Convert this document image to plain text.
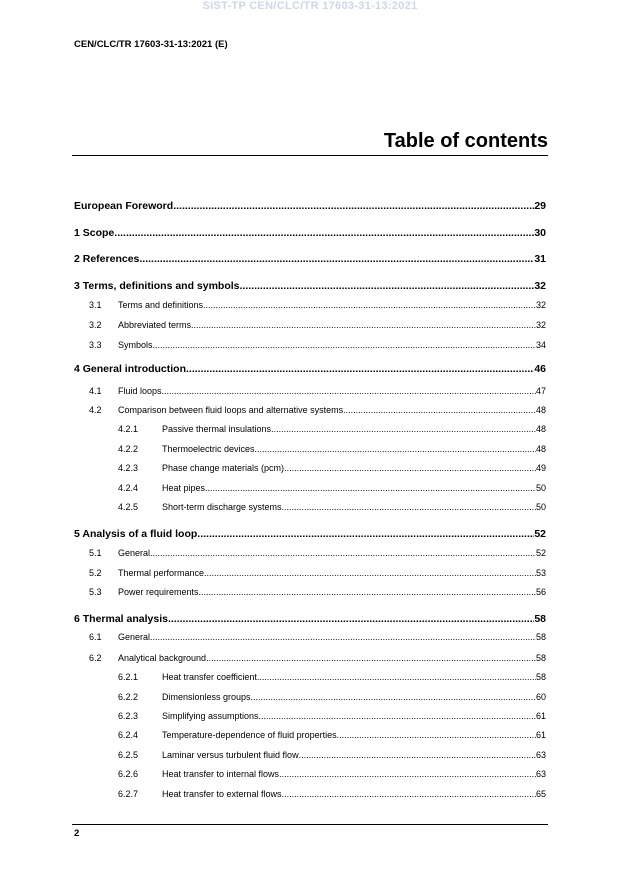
SIST-TP CEN/CLC/TR 17603-31-13:2021
CEN/CLC/TR 17603-31-13:2021 (E)
Table of contents
European Foreword .....	29
1 Scope .....	30
2 References .....	31
3 Terms, definitions and symbols .....	32
3.1	Terms and definitions .....	32
3.2	Abbreviated terms .....	32
3.3	Symbols .....	34
4 General introduction .....	46
4.1	Fluid loops .....	47
4.2	Comparison between fluid loops and alternative systems .....	48
4.2.1	Passive thermal insulations .....	48
4.2.2	Thermoelectric devices .....	48
4.2.3	Phase change materials (pcm) .....	49
4.2.4	Heat pipes .....	50
4.2.5	Short-term discharge systems .....	50
5 Analysis of a fluid loop .....	52
5.1	General .....	52
5.2	Thermal performance .....	53
5.3	Power requirements .....	56
6 Thermal analysis .....	58
6.1	General .....	58
6.2	Analytical background .....	58
6.2.1	Heat transfer coefficient .....	58
6.2.2	Dimensionless groups .....	60
6.2.3	Simplifying assumptions .....	61
6.2.4	Temperature-dependence of fluid properties .....	61
6.2.5	Laminar versus turbulent fluid flow .....	63
6.2.6	Heat transfer to internal flows .....	63
6.2.7	Heat transfer to external flows .....	65
2
